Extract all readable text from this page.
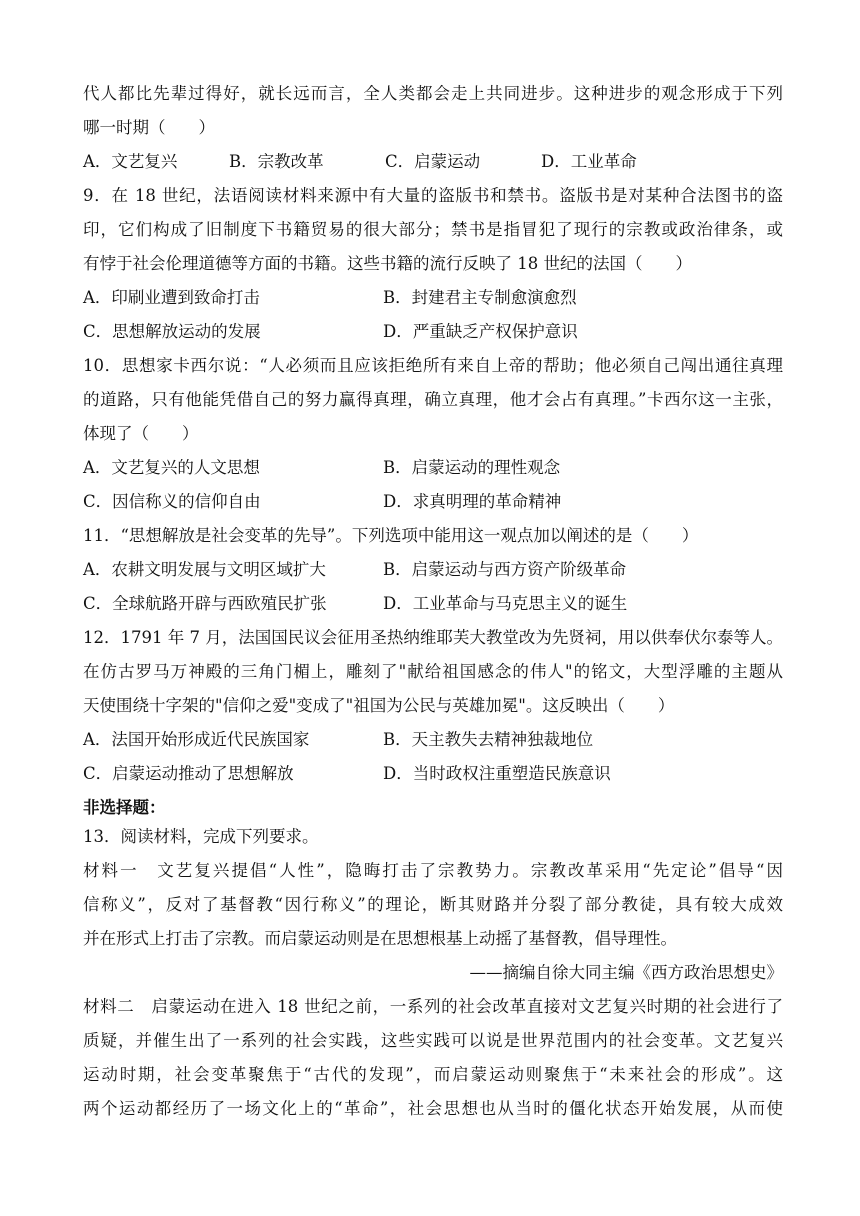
代人都比先辈过得好，就长远而言，全人类都会走上共同进步。这种进步的观念形成于下列
哪一时期（　　）
A．文艺复兴	B．宗教改革	C．启蒙运动	D．工业革命
9．在 18 世纪，法语阅读材料来源中有大量的盗版书和禁书。盗版书是对某种合法图书的盗
印，它们构成了旧制度下书籍贸易的很大部分；禁书是指冒犯了现行的宗教或政治律条，或
有悖于社会伦理道德等方面的书籍。这些书籍的流行反映了 18 世纪的法国（　　）
A．印刷业遭到致命打击	B．封建君主专制愈演愈烈
C．思想解放运动的发展	D．严重缺乏产权保护意识
10．思想家卡西尔说：“人必须而且应该拒绝所有来自上帝的帮助；他必须自己闯出通往真理
的道路，只有他能凭借自己的努力赢得真理，确立真理，他才会占有真理。”卡西尔这一主张，
体现了（　　）
A．文艺复兴的人文思想	B．启蒙运动的理性观念
C．因信称义的信仰自由	D．求真明理的革命精神
11．“思想解放是社会变革的先导”。下列选项中能用这一观点加以阐述的是（　　）
A．农耕文明发展与文明区域扩大	B．启蒙运动与西方资产阶级革命
C．全球航路开辟与西欧殖民扩张	D．工业革命与马克思主义的诞生
12．1791 年 7 月，法国国民议会征用圣热纳维耶芙大教堂改为先贤祠，用以供奉伏尔泰等人。
在仿古罗马万神殿的三角门楣上，雕刻了"献给祖国感念的伟人"的铭文，大型浮雕的主题从
天使围绕十字架的"信仰之爱"变成了"祖国为公民与英雄加冕"。这反映出（　　）
A．法国开始形成近代民族国家	B．天主教失去精神独裁地位
C．启蒙运动推动了思想解放	D．当时政权注重塑造民族意识
非选择题：
13．阅读材料，完成下列要求。
材料一　文艺复兴提倡“人性”，隐晦打击了宗教势力。宗教改革采用“先定论”倡导“因
信称义”，反对了基督教“因行称义”的理论，断其财路并分裂了部分教徒，具有较大成效
并在形式上打击了宗教。而启蒙运动则是在思想根基上动摇了基督教，倡导理性。
——摘编自徐大同主编《西方政治思想史》
材料二　启蒙运动在进入 18 世纪之前，一系列的社会改革直接对文艺复兴时期的社会进行了
质疑，并催生出了一系列的社会实践，这些实践可以说是世界范围内的社会变革。文艺复兴
运动时期，社会变革聚焦于“古代的发现”，而启蒙运动则聚焦于“未来社会的形成”。这
两个运动都经历了一场文化上的“革命”，社会思想也从当时的僵化状态开始发展，从而使
